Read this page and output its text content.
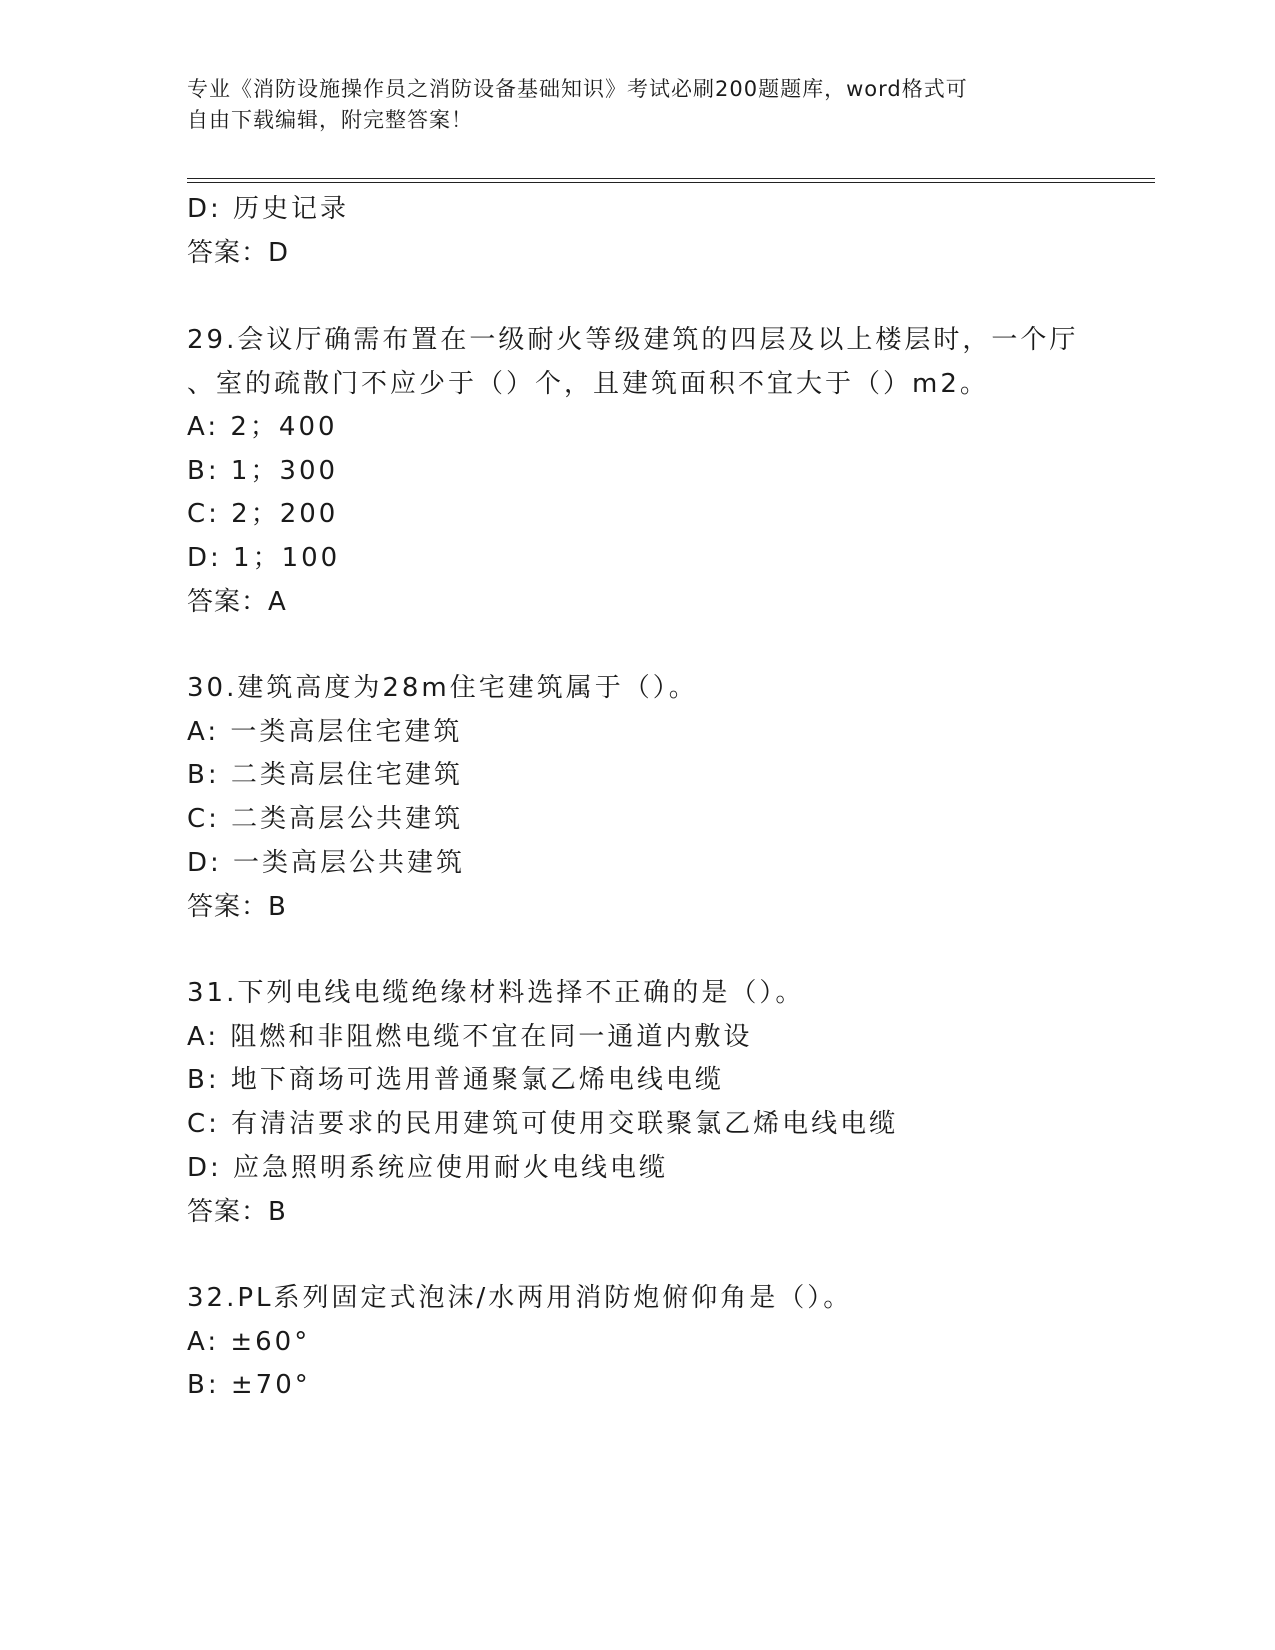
专业《消防设施操作员之消防设备基础知识》考试必刷200题题库，word格式可
自由下载编辑，附完整答案！
D: 历史记录
答案：D
29.会议厅确需布置在一级耐火等级建筑的四层及以上楼层时，一个厅
、室的疏散门不应少于（）个，且建筑面积不宜大于（）m2。
A: 2；400
B: 1；300
C: 2；200
D: 1；100
答案：A
30.建筑高度为28m住宅建筑属于（）。
A: 一类高层住宅建筑
B: 二类高层住宅建筑
C: 二类高层公共建筑
D: 一类高层公共建筑
答案：B
31.下列电线电缆绝缘材料选择不正确的是（）。
A: 阻燃和非阻燃电缆不宜在同一通道内敷设
B: 地下商场可选用普通聚氯乙烯电线电缆
C: 有清洁要求的民用建筑可使用交联聚氯乙烯电线电缆
D: 应急照明系统应使用耐火电线电缆
答案：B
32.PL系列固定式泡沫/水两用消防炮俯仰角是（）。
A: ±60°
B: ±70°
